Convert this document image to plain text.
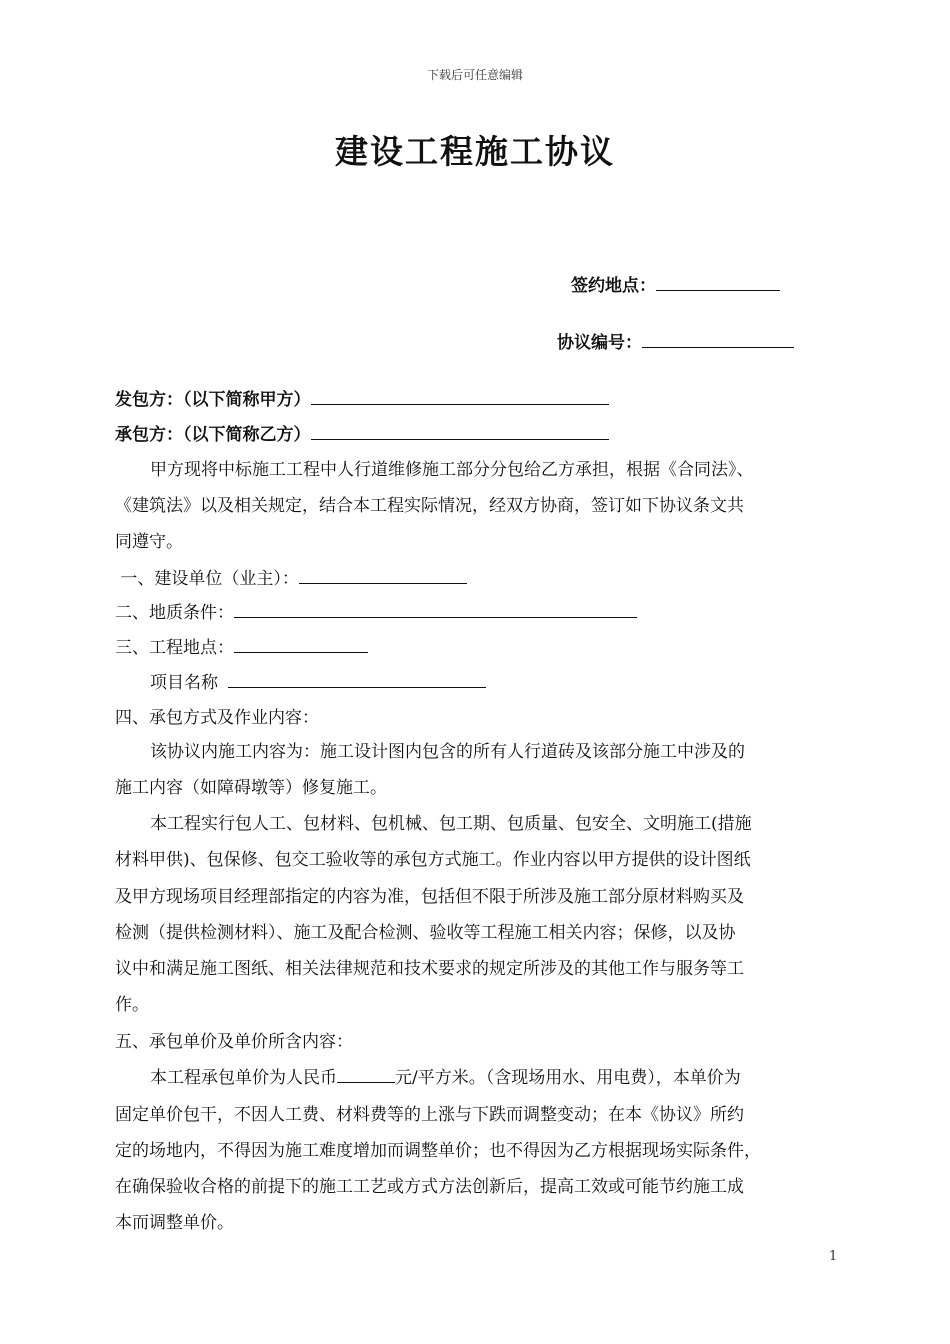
下载后可任意编辑
建设工程施工协议
签约地点：
协议编号：
发包方：（以下简称甲方）
承包方：（以下简称乙方）
甲方现将中标施工工程中人行道维修施工部分分包给乙方承担，根据《合同法》、
《建筑法》以及相关规定，结合本工程实际情况，经双方协商，签订如下协议条文共
同遵守。
一、建设单位（业主）：
二、地质条件：
三、工程地点：
项目名称
四、承包方式及作业内容：
该协议内施工内容为：施工设计图内包含的所有人行道砖及该部分施工中涉及的
施工内容（如障碍墩等）修复施工。
本工程实行包人工、包材料、包机械、包工期、包质量、包安全、文明施工(措施
材料甲供)、包保修、包交工验收等的承包方式施工。作业内容以甲方提供的设计图纸
及甲方现场项目经理部指定的内容为准，包括但不限于所涉及施工部分原材料购买及
检测（提供检测材料）、施工及配合检测、验收等工程施工相关内容；保修，以及协
议中和满足施工图纸、相关法律规范和技术要求的规定所涉及的其他工作与服务等工
作。
五、承包单价及单价所含内容：
本工程承包单价为人民币	元/平方米。（含现场用水、用电费），本单价为
固定单价包干，不因人工费、材料费等的上涨与下跌而调整变动；在本《协议》所约
定的场地内，不得因为施工难度增加而调整单价；也不得因为乙方根据现场实际条件，
在确保验收合格的前提下的施工工艺或方式方法创新后，提高工效或可能节约施工成
本而调整单价。
1
